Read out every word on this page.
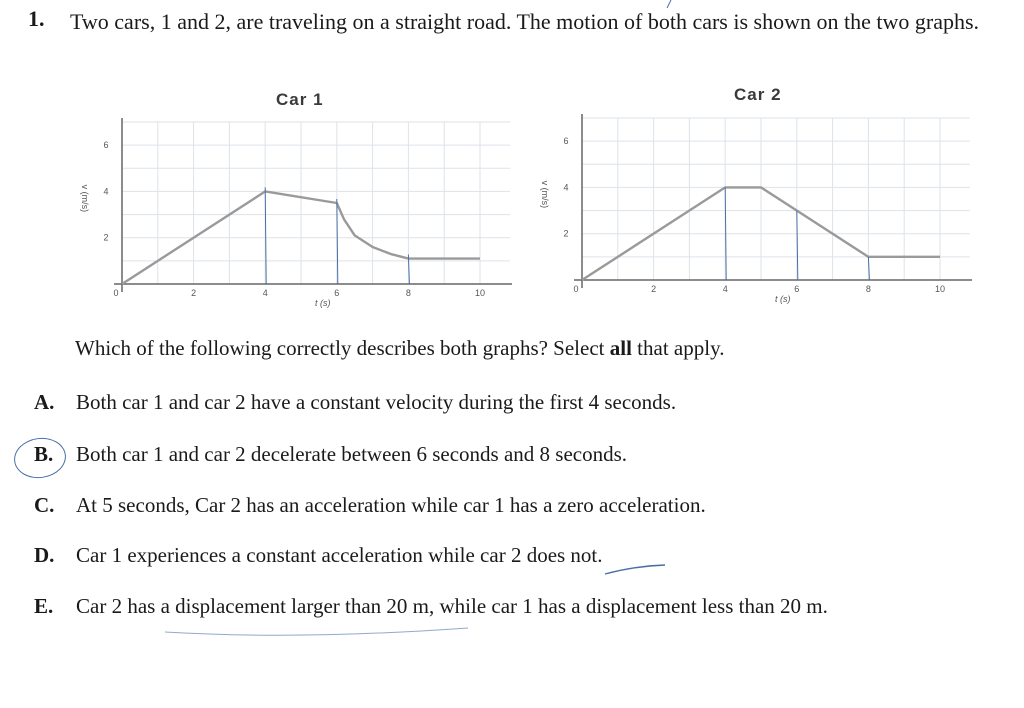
1. Two cars, 1 and 2, are traveling on a straight road. The motion of both cars is shown on the two graphs.
Car 1	Car 2
0	2	4	6	8	10
2
4
6
t (s)
v (m/s)
0	2	4	6	8	10
2
4
6
t (s)
v (m/s)
Which of the following correctly describes both graphs? Select all that apply.
A.	Both car 1 and car 2 have a constant velocity during the first 4 seconds.
B.	Both car 1 and car 2 decelerate between 6 seconds and 8 seconds.
C.	At 5 seconds, Car 2 has an acceleration while car 1 has a zero acceleration.
D.	Car 1 experiences a constant acceleration while car 2 does not.
E.	Car 2 has a displacement larger than 20 m, while car 1 has a displacement less than 20 m.
